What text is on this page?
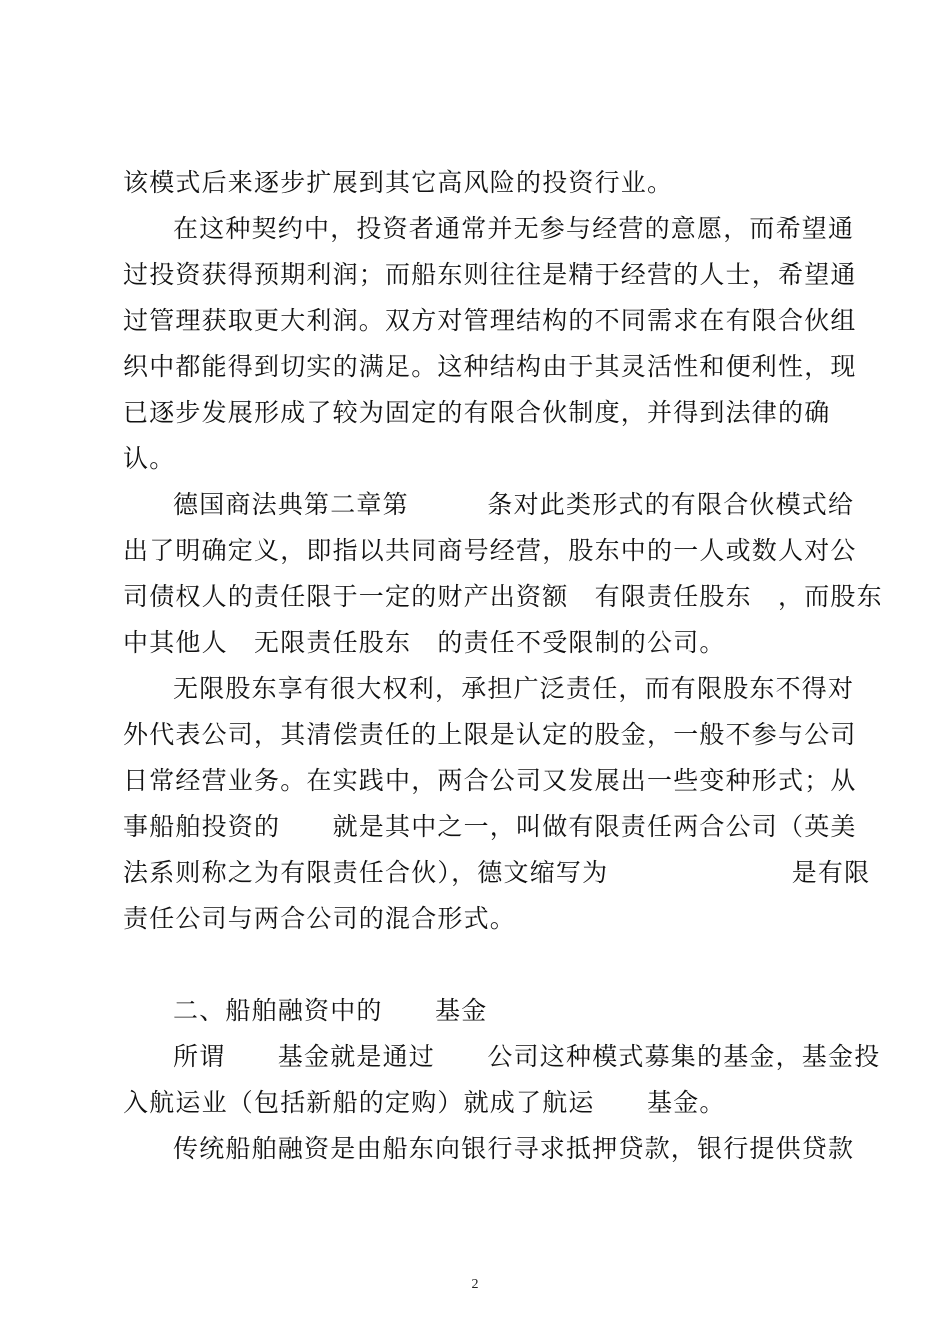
该模式后来逐步扩展到其它高风险的投资行业。
在这种契约中，投资者通常并无参与经营的意愿，而希望通
过投资获得预期利润；而船东则往往是精于经营的人士，希望通
过管理获取更大利润。双方对管理结构的不同需求在有限合伙组
织中都能得到切实的满足。这种结构由于其灵活性和便利性，现
已逐步发展形成了较为固定的有限合伙制度，并得到法律的确
认。
德国商法典第二章第　　　条对此类形式的有限合伙模式给
出了明确定义，即指以共同商号经营，股东中的一人或数人对公
司债权人的责任限于一定的财产出资额　有限责任股东　，而股东
中其他人　无限责任股东　的责任不受限制的公司。
无限股东享有很大权利，承担广泛责任，而有限股东不得对
外代表公司，其清偿责任的上限是认定的股金，一般不参与公司
日常经营业务。在实践中，两合公司又发展出一些变种形式；从
事船舶投资的　　就是其中之一，叫做有限责任两合公司（英美
法系则称之为有限责任合伙），德文缩写为　　　　　　　是有限
责任公司与两合公司的混合形式。
二、船舶融资中的　　基金
所谓　　基金就是通过　　公司这种模式募集的基金，基金投
入航运业（包括新船的定购）就成了航运　　基金。
传统船舶融资是由船东向银行寻求抵押贷款，银行提供贷款
2
